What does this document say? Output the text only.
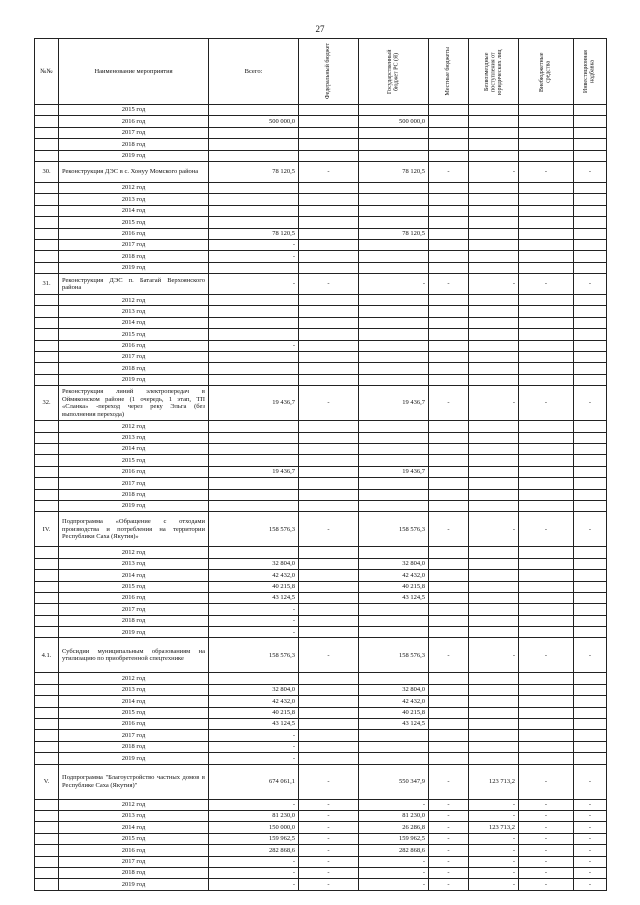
27
№№	Наименование мероприятия	Всего:	Федеральный бюджет	Государственный бюджет РС (Я)	Местные бюджеты	Безвозмездные поступления от юридических лиц	Внебюджетные средства	Инвестиционная надбавка

	2015 год							
	2016 год	500 000,0		500 000,0				
	2017 год							
	2018 год							
	2019 год							
30.	Реконструкция ДЭС в с. Хонуу Момского района	78 120,5	-	78 120,5	-	-	-	-
	2012 год							
	2013 год							
	2014 год							
	2015 год							
	2016 год	78 120,5		78 120,5				
	2017 год	-						
	2018 год	-						
	2019 год							
31.	Реконструкция ДЭС п. Батагай Верхоянского района	-	-	-	-	-	-	-
	2012 год							
	2013 год							
	2014 год							
	2015 год							
	2016 год	-						
	2017 год							
	2018 год							
	2019 год							
32.	Реконструкция линий электропередач в Оймяконском районе (1 очередь, 1 этап, ТП «Сланка» -переход через реку Эльга (без выполнения перехода)	19 436,7	-	19 436,7	-	-	-	-
	2012 год							
	2013 год							
	2014 год							
	2015 год							
	2016 год	19 436,7		19 436,7				
	2017 год							
	2018 год							
	2019 год							
IV.	Подпрограмма «Обращение с отходами производства и потребления на территории Республики Саха (Якутия)»	158 576,3	-	158 576,3	-	-	-	-
	2012 год							
	2013 год	32 804,0		32 804,0				
	2014 год	42 432,0		42 432,0				
	2015 год	40 215,8		40 215,8				
	2016 год	43 124,5		43 124,5				
	2017 год	-						
	2018 год	-						
	2019 год	-						
4.1.	Субсидии муниципальным образованиям на утилизацию по приобретенной спецтехнике	158 576,3	-	158 576,3	-	-	-	-
	2012 год							
	2013 год	32 804,0		32 804,0				
	2014 год	42 432,0		42 432,0				
	2015 год	40 215,8		40 215,8				
	2016 год	43 124,5		43 124,5				
	2017 год	-						
	2018 год	-						
	2019 год	-						
V.	Подпрограмма "Благоустройство частных домов в Республике Саха (Якутия)"	674 061,1	-	550 347,9	-	123 713,2	-	-
	2012 год	-	-	-	-	-	-	-
	2013 год	81 230,0	-	81 230,0	-	-	-	-
	2014 год	150 000,0	-	26 286,8	-	123 713,2	-	-
	2015 год	159 962,5	-	159 962,5	-	-	-	-
	2016 год	282 868,6	-	282 868,6	-	-	-	-
	2017 год	-	-	-	-	-	-	-
	2018 год	-	-	-	-	-	-	-
	2019 год	-	-	-	-	-	-	-
